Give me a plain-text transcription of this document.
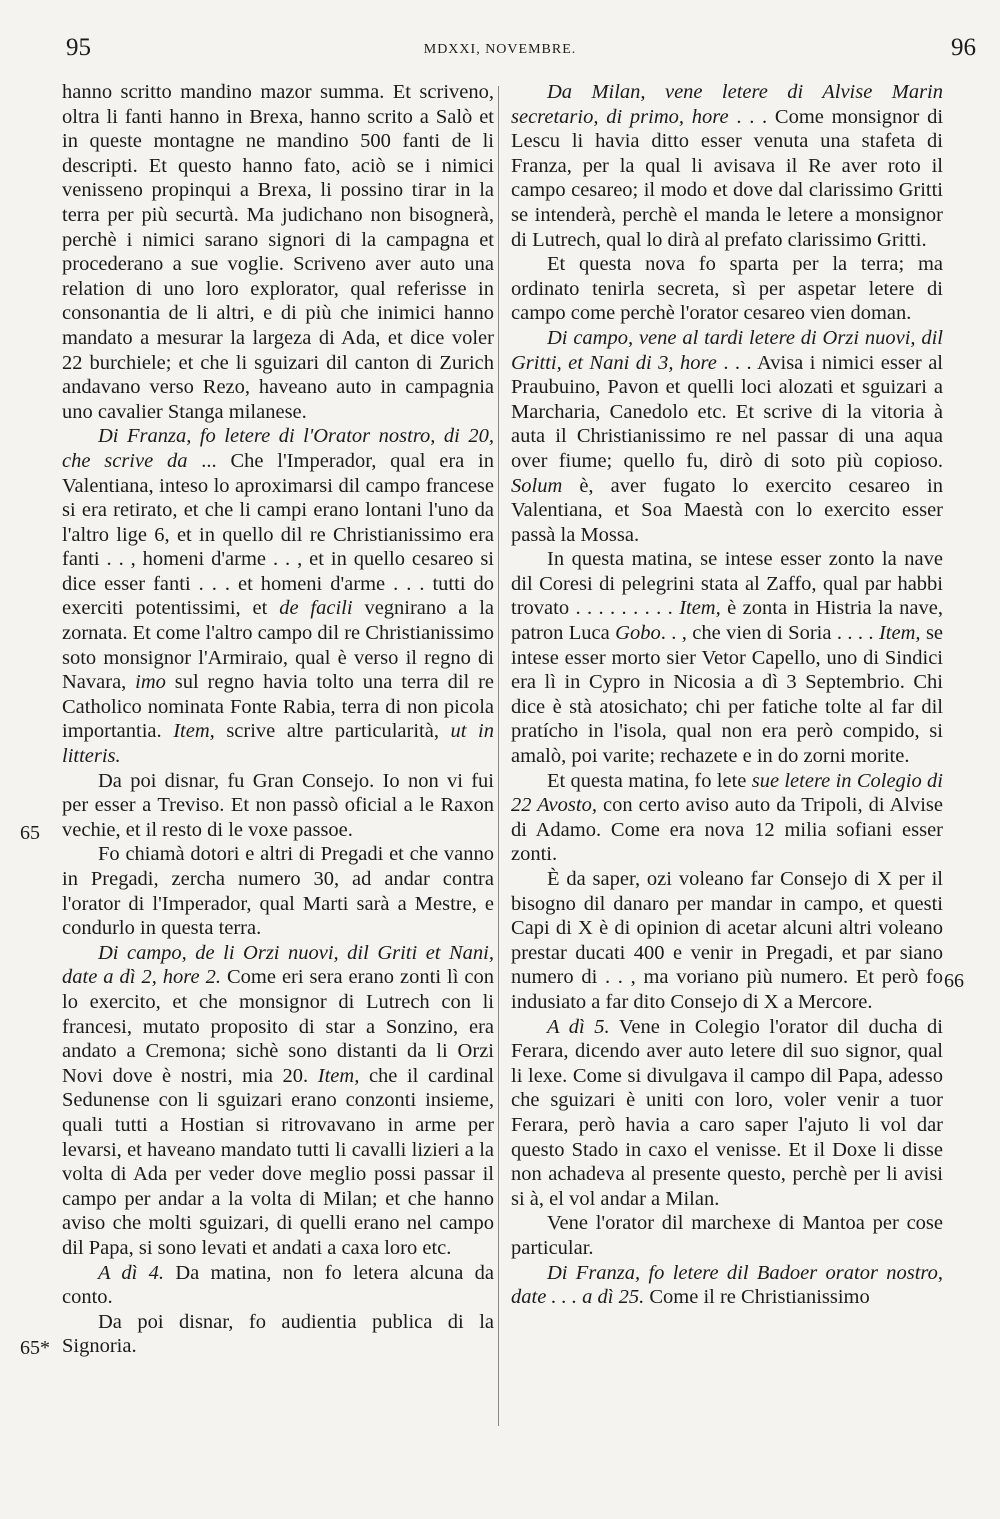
95	MDXXI, NOVEMBRE.	96
65
65*
66

hanno scritto mandino mazor summa. Et scriveno, oltra li fanti hanno in Brexa, hanno scrito a Salò et in queste montagne ne mandino 500 fanti de li descripti. Et questo hanno fato, aciò se i nimici venisseno propinqui a Brexa, li possino tirar in la terra per più securtà. Ma judichano non bisognerà, perchè i nimici sarano signori di la campagna et procederano a sue voglie. Scriveno aver auto una relation di uno loro explorator, qual referisse in consonantia de li altri, e di più che inimici hanno mandato a mesurar la largeza di Ada, et dice voler 22 burchiele; et che li sguizari dil canton di Zurich andavano verso Rezo, haveano auto in campagnia uno cavalier Stanga milanese.

Di Franza, fo letere di l'Orator nostro, di 20, che scrive da ... Che l'Imperador, qual era in Valentiana, inteso lo aproximarsi dil campo francese si era retirato, et che li campi erano lontani l'uno da l'altro lige 6, et in quello dil re Christianissimo era fanti . . , homeni d'arme . . , et in quello cesareo si dice esser fanti . . . et homeni d'arme . . . tutti do exerciti potentissimi, et de facili vegnirano a la zornata. Et come l'altro campo dil re Christianissimo soto monsignor l'Armiraio, qual è verso il regno di Navara, imo sul regno havia tolto una terra dil re Catholico nominata Fonte Rabia, terra di non picola importantia. Item, scrive altre particularità, ut in litteris.

Da poi disnar, fu Gran Consejo. Io non vi fui per esser a Treviso. Et non passò oficial a le Raxon vechie, et il resto di le voxe passoe.

Fo chiamà dotori e altri di Pregadi et che vanno in Pregadi, zercha numero 30, ad andar contra l'orator di l'Imperador, qual Marti sarà a Mestre, e condurlo in questa terra.

Di campo, de li Orzi nuovi, dil Griti et Nani, date a dì 2, hore 2. Come eri sera erano zonti lì con lo exercito, et che monsignor di Lutrech con li francesi, mutato proposito di star a Sonzino, era andato a Cremona; sichè sono distanti da li Orzi Novi dove è nostri, mia 20. Item, che il cardinal Sedunense con li sguizari erano conzonti insieme, quali tutti a Hostian si ritrovavano in arme per levarsi, et haveano mandato tutti li cavalli lizieri a la volta di Ada per veder dove meglio possi passar il campo per andar a la volta di Milan; et che hanno aviso che molti sguizari, di quelli erano nel campo dil Papa, si sono levati et andati a caxa loro etc.

A dì 4. Da matina, non fo letera alcuna da conto.

Da poi disnar, fo audientia publica di la Signoria.

Da Milan, vene letere di Alvise Marin secretario, di primo, hore . . . Come monsignor di Lescu li havia ditto esser venuta una stafeta di Franza, per la qual li avisava il Re aver roto il campo cesareo; il modo et dove dal clarissimo Gritti se intenderà, perchè el manda le letere a monsignor di Lutrech, qual lo dirà al prefato clarissimo Gritti.

Et questa nova fo sparta per la terra; ma ordinato tenirla secreta, sì per aspetar letere di campo come perchè l'orator cesareo vien doman.

Di campo, vene al tardi letere di Orzi nuovi, dil Gritti, et Nani di 3, hore . . . Avisa i nimici esser al Praubuino, Pavon et quelli loci alozati et sguizari a Marcharia, Canedolo etc. Et scrive di la vitoria à auta il Christianissimo re nel passar di una aqua over fiume; quello fu, dirò di soto più copioso. Solum è, aver fugato lo exercito cesareo in Valentiana, et Soa Maestà con lo exercito esser passà la Mossa.

In questa matina, se intese esser zonto la nave dil Coresi di pelegrini stata al Zaffo, qual par habbi trovato . . . . . . . . . Item, è zonta in Histria la nave, patron Luca Gobo. . , che vien di Soria . . . . Item, se intese esser morto sier Vetor Capello, uno di Sindici era lì in Cypro in Nicosia a dì 3 Septembrio. Chi dice è stà atosichato; chi per fatiche tolte al far dil pratícho in l'isola, qual non era però compido, si amalò, poi varite; rechazete e in do zorni morite.

Et questa matina, fo lete sue letere in Colegio di 22 Avosto, con certo aviso auto da Tripoli, di Alvise di Adamo. Come era nova 12 milia sofiani esser zonti.

È da saper, ozi voleano far Consejo di X per il bisogno dil danaro per mandar in campo, et questi Capi di X è di opinion di acetar alcuni altri voleano prestar ducati 400 e venir in Pregadi, et par siano numero di . . , ma voriano più numero. Et però fo indusiato a far dito Consejo di X a Mercore.

A dì 5. Vene in Colegio l'orator dil ducha di Ferara, dicendo aver auto letere dil suo signor, qual li lexe. Come si divulgava il campo dil Papa, adesso che sguizari è uniti con loro, voler venir a tuor Ferara, però havia a caro saper l'ajuto li vol dar questo Stado in caxo el venisse. Et il Doxe li disse non achadeva al presente questo, perchè per li avisi si à, el vol andar a Milan.

Vene l'orator dil marchexe di Mantoa per cose particular.

Di Franza, fo letere dil Badoer orator nostro, date . . . a dì 25. Come il re Christianissimo
